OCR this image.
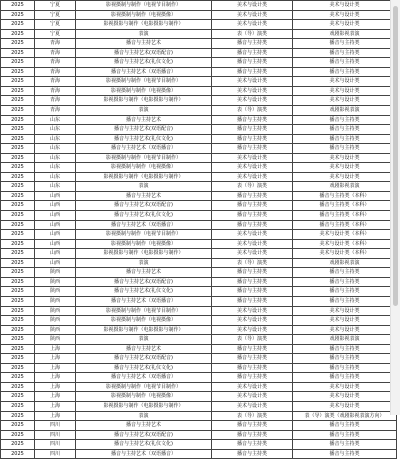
2025	宁夏	影视摄制与制作（电视节目制作）	美术与设计类	美术与设计类
2025	宁夏	影视摄制与制作（电视摄像）	美术与设计类	美术与设计类
2025	宁夏	影视摄影与制作（电影摄影与制作）	美术与设计类	美术与设计类
2025	宁夏	表演	表（导）演类	戏剧影视表演
2025	青海	播音与主持艺术	播音与主持类	播音与主持类
2025	青海	播音与主持艺术(双语配音)	播音与主持类	播音与主持类
2025	青海	播音与主持艺术(礼仪文化)	播音与主持类	播音与主持类
2025	青海	播音与主持艺术（双语播音）	播音与主持类	播音与主持类
2025	青海	影视摄制与制作（电视节目制作）	美术与设计类	美术与设计类
2025	青海	影视摄制与制作（电视摄像）	美术与设计类	美术与设计类
2025	青海	影视摄影与制作（电影摄影与制作）	美术与设计类	美术与设计类
2025	青海	表演	表（导）演类	戏剧影视表演
2025	山东	播音与主持艺术	播音与主持类	播音与主持类
2025	山东	播音与主持艺术(双语配音)	播音与主持类	播音与主持类
2025	山东	播音与主持艺术(礼仪文化)	播音与主持类	播音与主持类
2025	山东	播音与主持艺术（双语播音）	播音与主持类	播音与主持类
2025	山东	影视摄制与制作（电视节目制作）	美术与设计类	美术与设计类
2025	山东	影视摄制与制作（电视摄像）	美术与设计类	美术与设计类
2025	山东	影视摄影与制作（电影摄影与制作）	美术与设计类	美术与设计类
2025	山东	表演	表（导）演类	戏剧影视表演
2025	山西	播音与主持艺术	播音与主持类	播音与主持类（本科）
2025	山西	播音与主持艺术(双语配音)	播音与主持类	播音与主持类（本科）
2025	山西	播音与主持艺术(礼仪文化)	播音与主持类	播音与主持类（本科）
2025	山西	播音与主持艺术（双语播音）	播音与主持类	播音与主持类（本科）
2025	山西	影视摄制与制作（电视节目制作）	美术与设计类	美术与设计类（本科）
2025	山西	影视摄制与制作（电视摄像）	美术与设计类	美术与设计类（本科）
2025	山西	影视摄影与制作（电影摄影与制作）	美术与设计类	美术与设计类（本科）
2025	山西	表演	表（导）演类	戏剧影视表演
2025	陕西	播音与主持艺术	播音与主持类	播音与主持类
2025	陕西	播音与主持艺术(双语配音)	播音与主持类	播音与主持类
2025	陕西	播音与主持艺术(礼仪文化)	播音与主持类	播音与主持类
2025	陕西	播音与主持艺术（双语播音）	播音与主持类	播音与主持类
2025	陕西	影视摄制与制作（电视节目制作）	美术与设计类	美术与设计类
2025	陕西	影视摄制与制作（电视摄像）	美术与设计类	美术与设计类
2025	陕西	影视摄影与制作（电影摄影与制作）	美术与设计类	美术与设计类
2025	陕西	表演	表（导）演类	戏剧影视表演
2025	上海	播音与主持艺术	播音与主持类	播音与主持类
2025	上海	播音与主持艺术(双语配音)	播音与主持类	播音与主持类
2025	上海	播音与主持艺术(礼仪文化)	播音与主持类	播音与主持类
2025	上海	播音与主持艺术（双语播音）	播音与主持类	播音与主持类
2025	上海	影视摄制与制作（电视节目制作）	美术与设计类	美术与设计类
2025	上海	影视摄制与制作（电视摄像）	美术与设计类	美术与设计类
2025	上海	影视摄影与制作（电影摄影与制作）	美术与设计类	美术与设计类
2025	上海	表演	表（导）演类	表（导）演类（戏剧影视表演方向）
2025	四川	播音与主持艺术	播音与主持类	播音与主持类
2025	四川	播音与主持艺术(双语配音)	播音与主持类	播音与主持类
2025	四川	播音与主持艺术(礼仪文化)	播音与主持类	播音与主持类
2025	四川	播音与主持艺术（双语播音）	播音与主持类	播音与主持类
